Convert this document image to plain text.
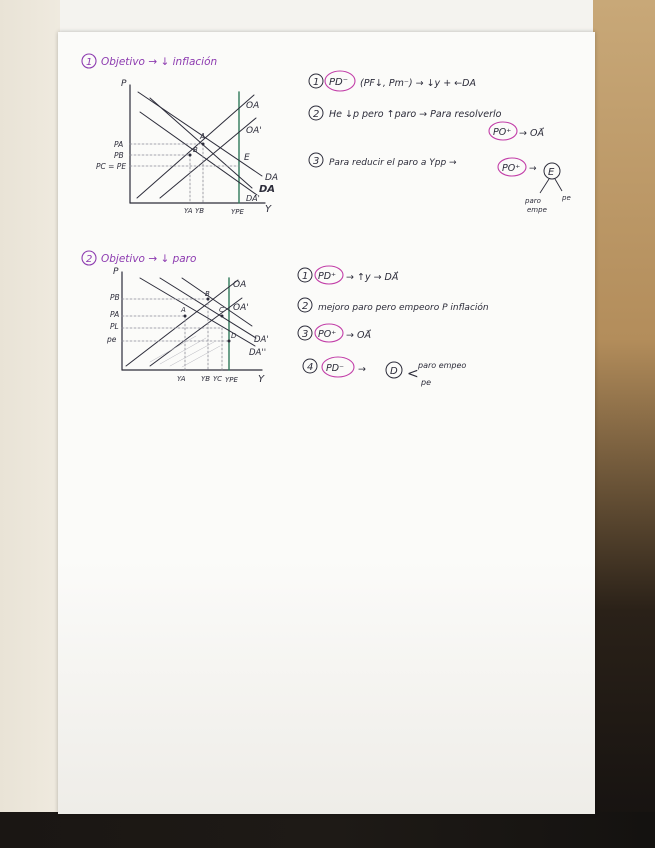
1 Objetivo → ↓ inflación
P
Y
PA
PB
PC = PE
YA YB	YPE
OA
OA'
E
DA
DA
DA'
A
B
1 PD⁻ (PF↓, Pm⁻) → ↓y + ←DA
2 He ↓p pero ↑paro → Para resolverlo
PO⁺ → OA⃗
3 Para reducir el paro a Ypp →	PO⁺ → E
paro
empe
pe
2 Objetivo → ↓ paro
P
Y
PB
PA
PL
pe
YA YB YC YPE
OA
OA'
DA'
DA''
A
B
C
D
1 PD⁺ → ↑y → DA⃗
2 mejoro paro pero empeoro P inflación
3 PO⁺ → OA⃗
4 PD⁻ → D <
paro empeo
pe
